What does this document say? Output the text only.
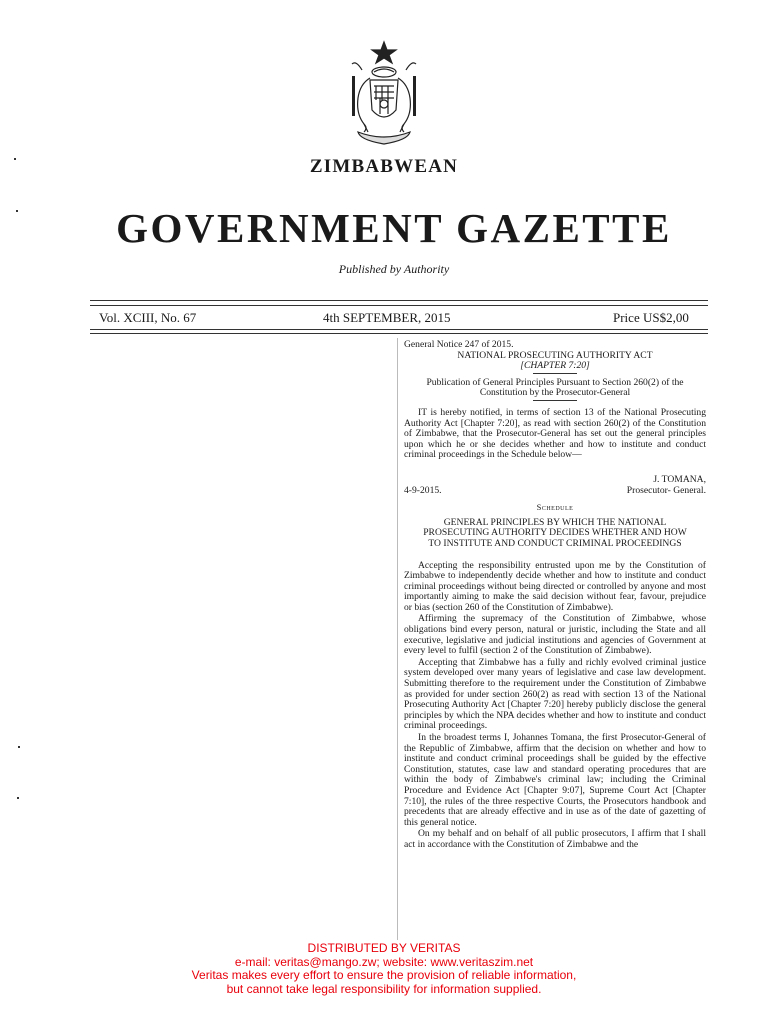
ZIMBABWEAN
GOVERNMENT GAZETTE
Published by Authority
Vol. XCIII, No. 67	4th SEPTEMBER, 2015	Price US$2,00

General Notice 247 of 2015.

NATIONAL PROSECUTING AUTHORITY ACT

[CHAPTER 7:20]

Publication of General Principles Pursuant to Section 260(2) of the Constitution by the Prosecutor-General

IT is hereby notified, in terms of section 13 of the National Prosecuting Authority Act [Chapter 7:20], as read with section 260(2) of the Constitution of Zimbabwe, that the Prosecutor-General has set out the general principles upon which he or she decides whether and how to institute and conduct criminal proceedings in the Schedule below—

J. TOMANA,

4-9-2015.	Prosecutor- General.

Schedule

GENERAL PRINCIPLES BY WHICH THE NATIONAL PROSECUTING AUTHORITY DECIDES WHETHER AND HOW TO INSTITUTE AND CONDUCT CRIMINAL PROCEEDINGS

Accepting the responsibility entrusted upon me by the Constitution of Zimbabwe to independently decide whether and how to institute and conduct criminal proceedings without being directed or controlled by anyone and most importantly aiming to make the said decision without fear, favour, prejudice or bias (section 260 of the Constitution of Zimbabwe).

Affirming the supremacy of the Constitution of Zimbabwe, whose obligations bind every person, natural or juristic, including the State and all executive, legislative and judicial institutions and agencies of Government at every level to fulfil (section 2 of the Constitution of Zimbabwe).

Accepting that Zimbabwe has a fully and richly evolved criminal justice system developed over many years of legislative and case law development. Submitting therefore to the requirement under the Constitution of Zimbabwe as provided for under section 260(2) as read with section 13 of the National Prosecuting Authority Act [Chapter 7:20] hereby publicly disclose the general principles by which the NPA decides whether and how to institute and conduct criminal proceedings.

In the broadest terms I, Johannes Tomana, the first Prosecutor-General of the Republic of Zimbabwe, affirm that the decision on whether and how to institute and conduct criminal proceedings shall be guided by the effective Constitution, statutes, case law and standard operating procedures that are within the body of Zimbabwe's criminal law; including the Criminal Procedure and Evidence Act [Chapter 9:07], Supreme Court Act [Chapter 7:10], the rules of the three respective Courts, the Prosecutors handbook and precedents that are already effective and in use as of the date of gazetting of this general notice.

On my behalf and on behalf of all public prosecutors, I affirm that I shall act in accordance with the Constitution of Zimbabwe and the

DISTRIBUTED BY VERITAS
e-mail: veritas@mango.zw; website: www.veritaszim.net
Veritas makes every effort to ensure the provision of reliable information,
but cannot take legal responsibility for information supplied.
